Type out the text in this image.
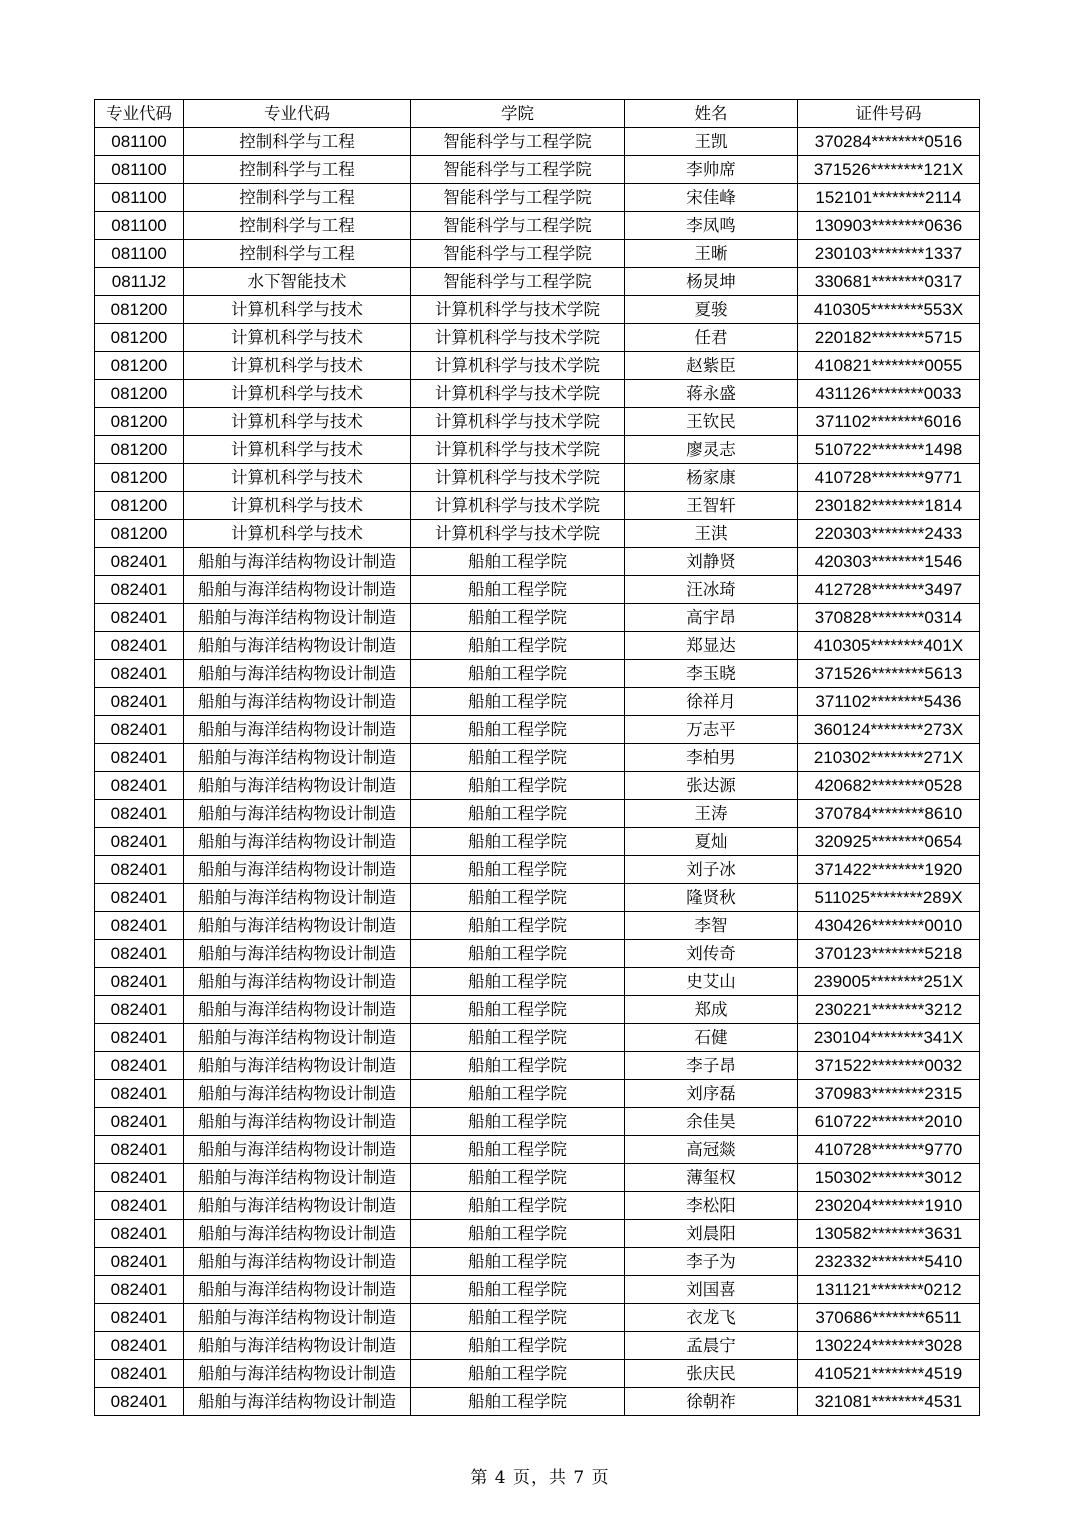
专业代码	专业代码	学院	姓名	证件号码
081100	控制科学与工程	智能科学与工程学院	王凯	370284********0516
081100	控制科学与工程	智能科学与工程学院	李帅席	371526********121X
081100	控制科学与工程	智能科学与工程学院	宋佳峰	152101********2114
081100	控制科学与工程	智能科学与工程学院	李凤鸣	130903********0636
081100	控制科学与工程	智能科学与工程学院	王晰	230103********1337
0811J2	水下智能技术	智能科学与工程学院	杨炅坤	330681********0317
081200	计算机科学与技术	计算机科学与技术学院	夏骏	410305********553X
081200	计算机科学与技术	计算机科学与技术学院	任君	220182********5715
081200	计算机科学与技术	计算机科学与技术学院	赵紫臣	410821********0055
081200	计算机科学与技术	计算机科学与技术学院	蒋永盛	431126********0033
081200	计算机科学与技术	计算机科学与技术学院	王钦民	371102********6016
081200	计算机科学与技术	计算机科学与技术学院	廖灵志	510722********1498
081200	计算机科学与技术	计算机科学与技术学院	杨家康	410728********9771
081200	计算机科学与技术	计算机科学与技术学院	王智轩	230182********1814
081200	计算机科学与技术	计算机科学与技术学院	王淇	220303********2433
082401	船舶与海洋结构物设计制造	船舶工程学院	刘静贤	420303********1546
082401	船舶与海洋结构物设计制造	船舶工程学院	汪冰琦	412728********3497
082401	船舶与海洋结构物设计制造	船舶工程学院	高宇昂	370828********0314
082401	船舶与海洋结构物设计制造	船舶工程学院	郑显达	410305********401X
082401	船舶与海洋结构物设计制造	船舶工程学院	李玉晓	371526********5613
082401	船舶与海洋结构物设计制造	船舶工程学院	徐祥月	371102********5436
082401	船舶与海洋结构物设计制造	船舶工程学院	万志平	360124********273X
082401	船舶与海洋结构物设计制造	船舶工程学院	李柏男	210302********271X
082401	船舶与海洋结构物设计制造	船舶工程学院	张达源	420682********0528
082401	船舶与海洋结构物设计制造	船舶工程学院	王涛	370784********8610
082401	船舶与海洋结构物设计制造	船舶工程学院	夏灿	320925********0654
082401	船舶与海洋结构物设计制造	船舶工程学院	刘子冰	371422********1920
082401	船舶与海洋结构物设计制造	船舶工程学院	隆贤秋	511025********289X
082401	船舶与海洋结构物设计制造	船舶工程学院	李智	430426********0010
082401	船舶与海洋结构物设计制造	船舶工程学院	刘传奇	370123********5218
082401	船舶与海洋结构物设计制造	船舶工程学院	史艾山	239005********251X
082401	船舶与海洋结构物设计制造	船舶工程学院	郑成	230221********3212
082401	船舶与海洋结构物设计制造	船舶工程学院	石健	230104********341X
082401	船舶与海洋结构物设计制造	船舶工程学院	李子昂	371522********0032
082401	船舶与海洋结构物设计制造	船舶工程学院	刘序磊	370983********2315
082401	船舶与海洋结构物设计制造	船舶工程学院	余佳昊	610722********2010
082401	船舶与海洋结构物设计制造	船舶工程学院	高冠燚	410728********9770
082401	船舶与海洋结构物设计制造	船舶工程学院	薄玺权	150302********3012
082401	船舶与海洋结构物设计制造	船舶工程学院	李松阳	230204********1910
082401	船舶与海洋结构物设计制造	船舶工程学院	刘晨阳	130582********3631
082401	船舶与海洋结构物设计制造	船舶工程学院	李子为	232332********5410
082401	船舶与海洋结构物设计制造	船舶工程学院	刘国喜	131121********0212
082401	船舶与海洋结构物设计制造	船舶工程学院	衣龙飞	370686********6511
082401	船舶与海洋结构物设计制造	船舶工程学院	孟晨宁	130224********3028
082401	船舶与海洋结构物设计制造	船舶工程学院	张庆民	410521********4519
082401	船舶与海洋结构物设计制造	船舶工程学院	徐朝祚	321081********4531
第 4 页，共 7 页
